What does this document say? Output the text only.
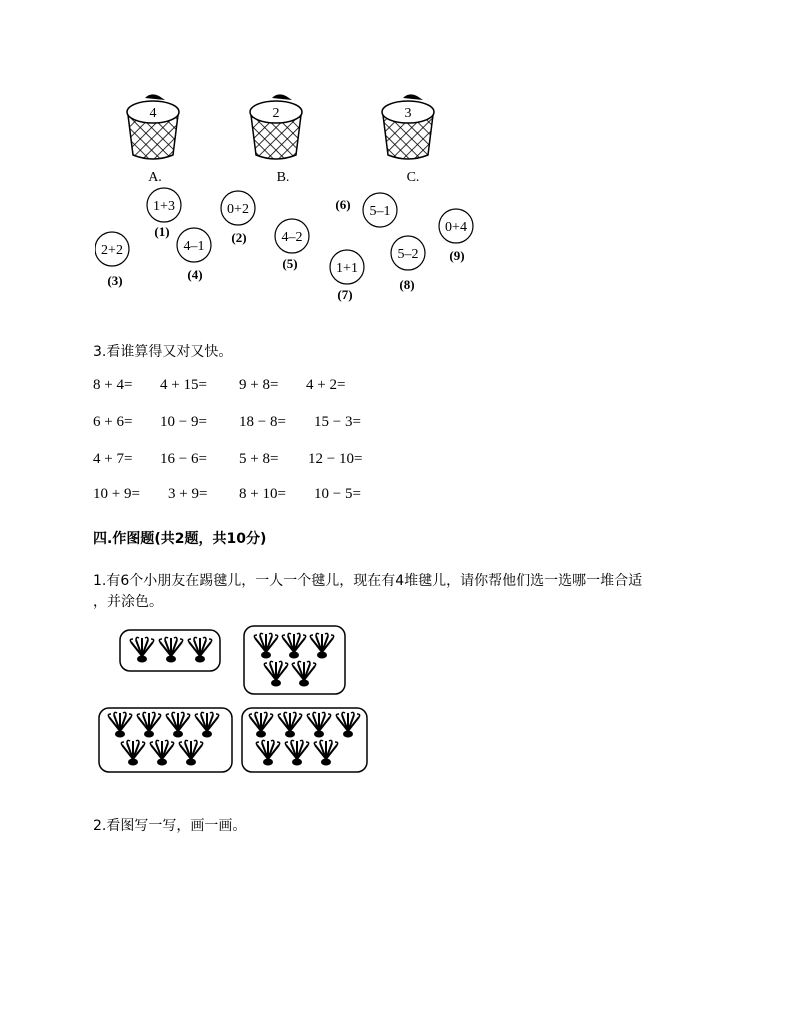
4
A.
2
B.
3
C.
1+3
(1)
0+2
(2)
2+2
(3)
4–1
(4)
4–2
(5)
5–1
(6)
1+1
(7)
5–2
(8)
0+4
(9)
3.看谁算得又对又快。
8 + 4= 4 + 15= 9 + 8= 4 + 2=
6 + 6= 10 − 9= 18 − 8= 15 − 3=
4 + 7= 16 − 6= 5 + 8= 12 − 10=
10 + 9= 3 + 9= 8 + 10= 10 − 5=
四.作图题(共2题，共10分)
1.有6个小朋友在踢毽儿，一人一个毽儿，现在有4堆毽儿，请你帮他们选一选哪一堆合适
，并涂色。
2.看图写一写，画一画。
